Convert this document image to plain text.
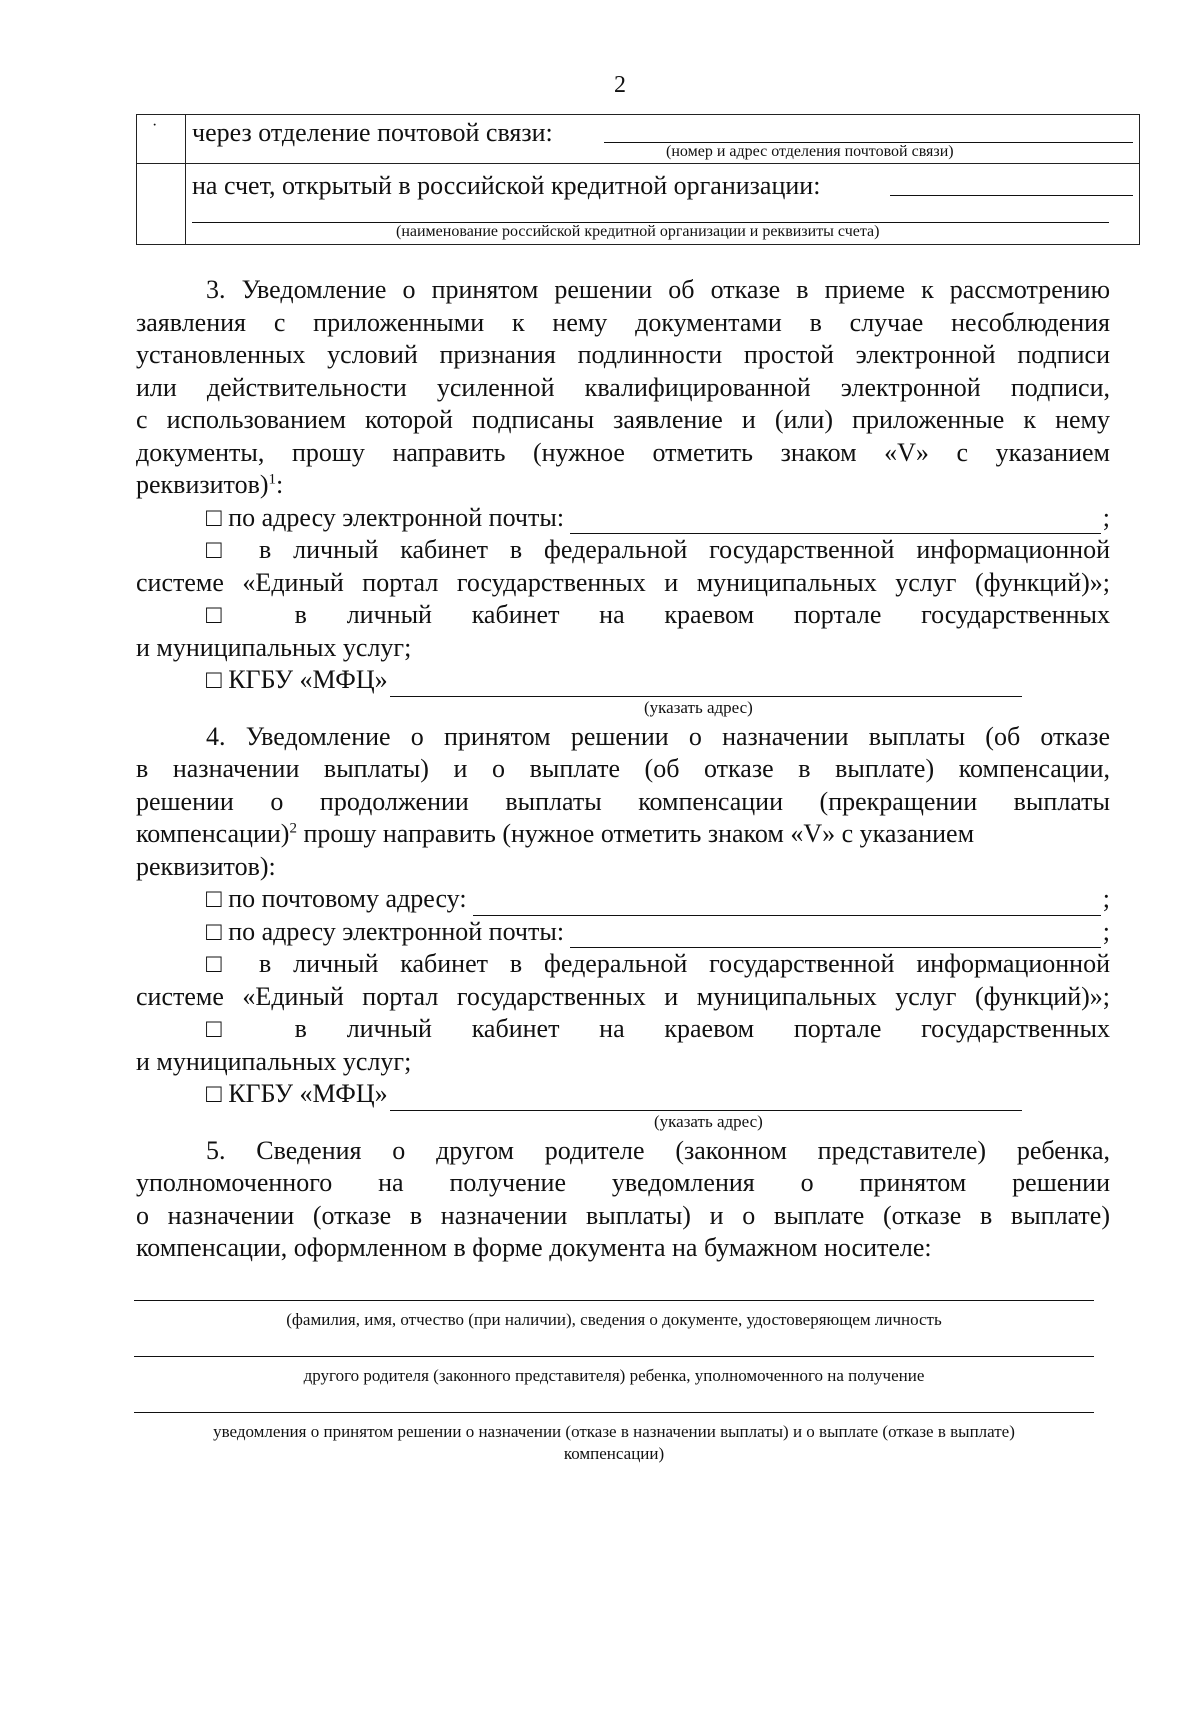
2
·	через отделение почтовой связи:
(номер и адрес отделения почтовой связи)

	на счет, открытый в российской кредитной организации:
(наименование российской кредитной организации и реквизиты счета)
3. Уведомление о принятом решении об отказе в приеме к рассмотрению
заявления с приложенными к нему документами в случае несоблюдения
установленных условий признания подлинности простой электронной подписи
или действительности усиленной квалифицированной электронной подписи,
с использованием которой подписаны заявление и (или) приложенные к нему
документы, прошу направить (нужное отметить знаком «V» с указанием
реквизитов)$^1$:
□ по адресу электронной почты:	;
□ в личный кабинет в федеральной государственной информационной
системе «Единый портал государственных и муниципальных услуг (функций)»;
□ в личный кабинет на краевом портале государственных
и муниципальных услуг;
□ КГБУ «МФЦ»
(указать адрес)
4. Уведомление о принятом решении о назначении выплаты (об отказе
в назначении выплаты) и о выплате (об отказе в выплате) компенсации,
решении о продолжении выплаты компенсации (прекращении выплаты
компенсации)$^2$ прошу направить (нужное отметить знаком «V» с указанием
реквизитов):
□ по почтовому адресу:	;
□ по адресу электронной почты:	;
□ в личный кабинет в федеральной государственной информационной
системе «Единый портал государственных и муниципальных услуг (функций)»;
□ в личный кабинет на краевом портале государственных
и муниципальных услуг;
□ КГБУ «МФЦ»
(указать адрес)
5. Сведения о другом родителе (законном представителе) ребенка,
уполномоченного на получение уведомления о принятом решении
о назначении (отказе в назначении выплаты) и о выплате (отказе в выплате)
компенсации, оформленном в форме документа на бумажном носителе:
(фамилия, имя, отчество (при наличии), сведения о документе, удостоверяющем личность
другого родителя (законного представителя) ребенка, уполномоченного на получение
уведомления о принятом решении о назначении (отказе в назначении выплаты) и о выплате (отказе в выплате) компенсации)
